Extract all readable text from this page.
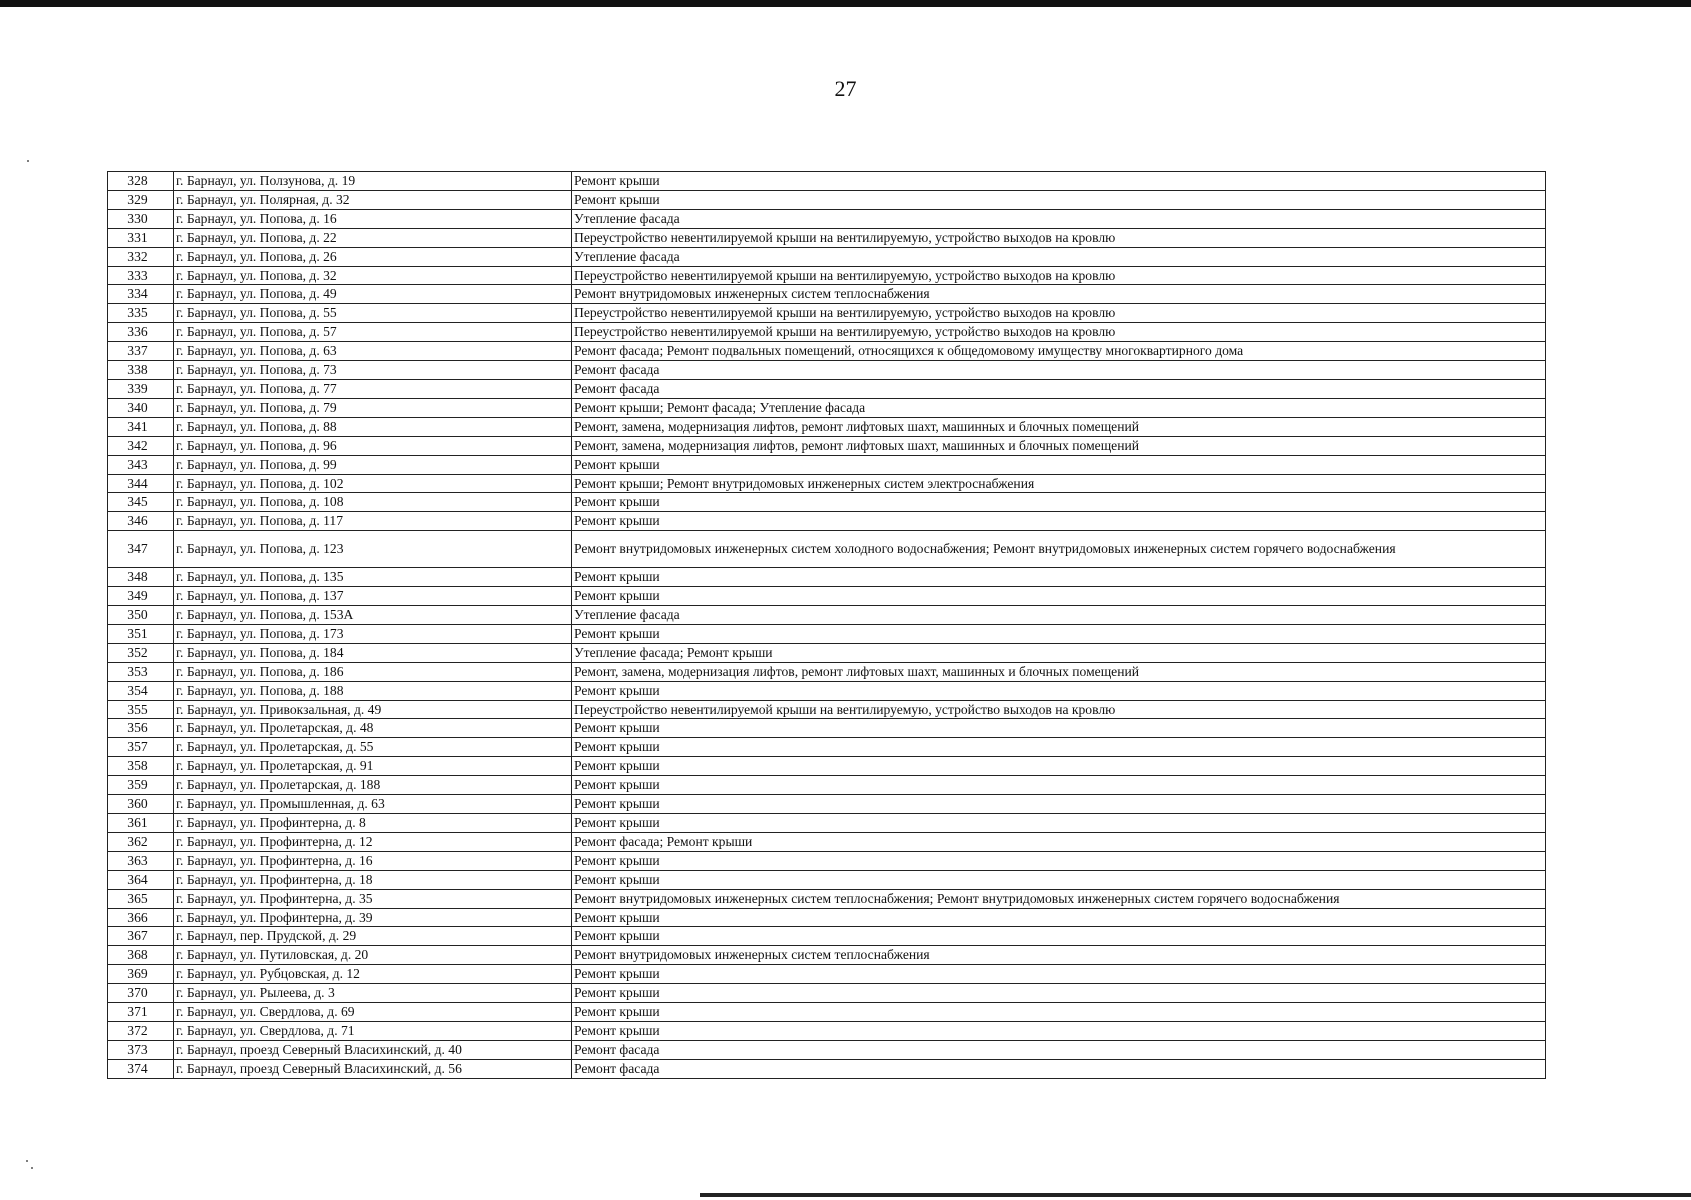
27
328	г. Барнаул, ул. Ползунова, д. 19	Ремонт крыши
329	г. Барнаул, ул. Полярная, д. 32	Ремонт крыши
330	г. Барнаул, ул. Попова, д. 16	Утепление фасада
331	г. Барнаул, ул. Попова, д. 22	Переустройство невентилируемой крыши на вентилируемую, устройство выходов на кровлю
332	г. Барнаул, ул. Попова, д. 26	Утепление фасада
333	г. Барнаул, ул. Попова, д. 32	Переустройство невентилируемой крыши на вентилируемую, устройство выходов на кровлю
334	г. Барнаул, ул. Попова, д. 49	Ремонт внутридомовых инженерных систем теплоснабжения
335	г. Барнаул, ул. Попова, д. 55	Переустройство невентилируемой крыши на вентилируемую, устройство выходов на кровлю
336	г. Барнаул, ул. Попова, д. 57	Переустройство невентилируемой крыши на вентилируемую, устройство выходов на кровлю
337	г. Барнаул, ул. Попова, д. 63	Ремонт фасада; Ремонт подвальных помещений, относящихся к общедомовому имуществу многоквартирного дома
338	г. Барнаул, ул. Попова, д. 73	Ремонт фасада
339	г. Барнаул, ул. Попова, д. 77	Ремонт фасада
340	г. Барнаул, ул. Попова, д. 79	Ремонт крыши; Ремонт фасада; Утепление фасада
341	г. Барнаул, ул. Попова, д. 88	Ремонт, замена, модернизация лифтов, ремонт лифтовых шахт, машинных и блочных помещений
342	г. Барнаул, ул. Попова, д. 96	Ремонт, замена, модернизация лифтов, ремонт лифтовых шахт, машинных и блочных помещений
343	г. Барнаул, ул. Попова, д. 99	Ремонт крыши
344	г. Барнаул, ул. Попова, д. 102	Ремонт крыши; Ремонт внутридомовых инженерных систем электроснабжения
345	г. Барнаул, ул. Попова, д. 108	Ремонт крыши
346	г. Барнаул, ул. Попова, д. 117	Ремонт крыши
347	г. Барнаул, ул. Попова, д. 123	Ремонт внутридомовых инженерных систем холодного водоснабжения; Ремонт внутридомовых инженерных систем горячего водоснабжения
348	г. Барнаул, ул. Попова, д. 135	Ремонт крыши
349	г. Барнаул, ул. Попова, д. 137	Ремонт крыши
350	г. Барнаул, ул. Попова, д. 153А	Утепление фасада
351	г. Барнаул, ул. Попова, д. 173	Ремонт крыши
352	г. Барнаул, ул. Попова, д. 184	Утепление фасада; Ремонт крыши
353	г. Барнаул, ул. Попова, д. 186	Ремонт, замена, модернизация лифтов, ремонт лифтовых шахт, машинных и блочных помещений
354	г. Барнаул, ул. Попова, д. 188	Ремонт крыши
355	г. Барнаул, ул. Привокзальная, д. 49	Переустройство невентилируемой крыши на вентилируемую, устройство выходов на кровлю
356	г. Барнаул, ул. Пролетарская, д. 48	Ремонт крыши
357	г. Барнаул, ул. Пролетарская, д. 55	Ремонт крыши
358	г. Барнаул, ул. Пролетарская, д. 91	Ремонт крыши
359	г. Барнаул, ул. Пролетарская, д. 188	Ремонт крыши
360	г. Барнаул, ул. Промышленная, д. 63	Ремонт крыши
361	г. Барнаул, ул. Профинтерна, д. 8	Ремонт крыши
362	г. Барнаул, ул. Профинтерна, д. 12	Ремонт фасада; Ремонт крыши
363	г. Барнаул, ул. Профинтерна, д. 16	Ремонт крыши
364	г. Барнаул, ул. Профинтерна, д. 18	Ремонт крыши
365	г. Барнаул, ул. Профинтерна, д. 35	Ремонт внутридомовых инженерных систем теплоснабжения; Ремонт внутридомовых инженерных систем горячего водоснабжения
366	г. Барнаул, ул. Профинтерна, д. 39	Ремонт крыши
367	г. Барнаул, пер. Прудской, д. 29	Ремонт крыши
368	г. Барнаул, ул. Путиловская, д. 20	Ремонт внутридомовых инженерных систем теплоснабжения
369	г. Барнаул, ул. Рубцовская, д. 12	Ремонт крыши
370	г. Барнаул, ул. Рылеева, д. 3	Ремонт крыши
371	г. Барнаул, ул. Свердлова, д. 69	Ремонт крыши
372	г. Барнаул, ул. Свердлова, д. 71	Ремонт крыши
373	г. Барнаул, проезд Северный Власихинский, д. 40	Ремонт фасада
374	г. Барнаул, проезд Северный Власихинский, д. 56	Ремонт фасада
